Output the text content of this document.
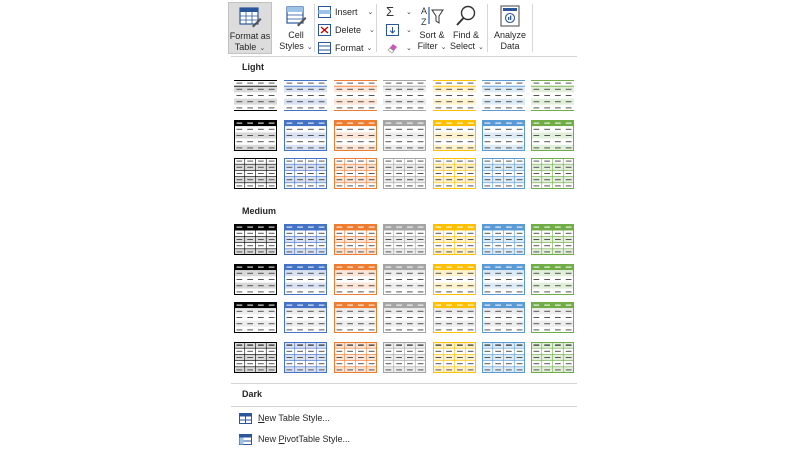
Format as
Table ⌄
Cell
Styles ⌄
Insert ⌄
Delete ⌄
Format ⌄
Σ	⌄
⌄
⌄
A
Z
Sort &
Filter ⌄
Find &
Select ⌄
Analyze
Data
Light
Medium
Dark
New Table Style...
New PivotTable Style...
